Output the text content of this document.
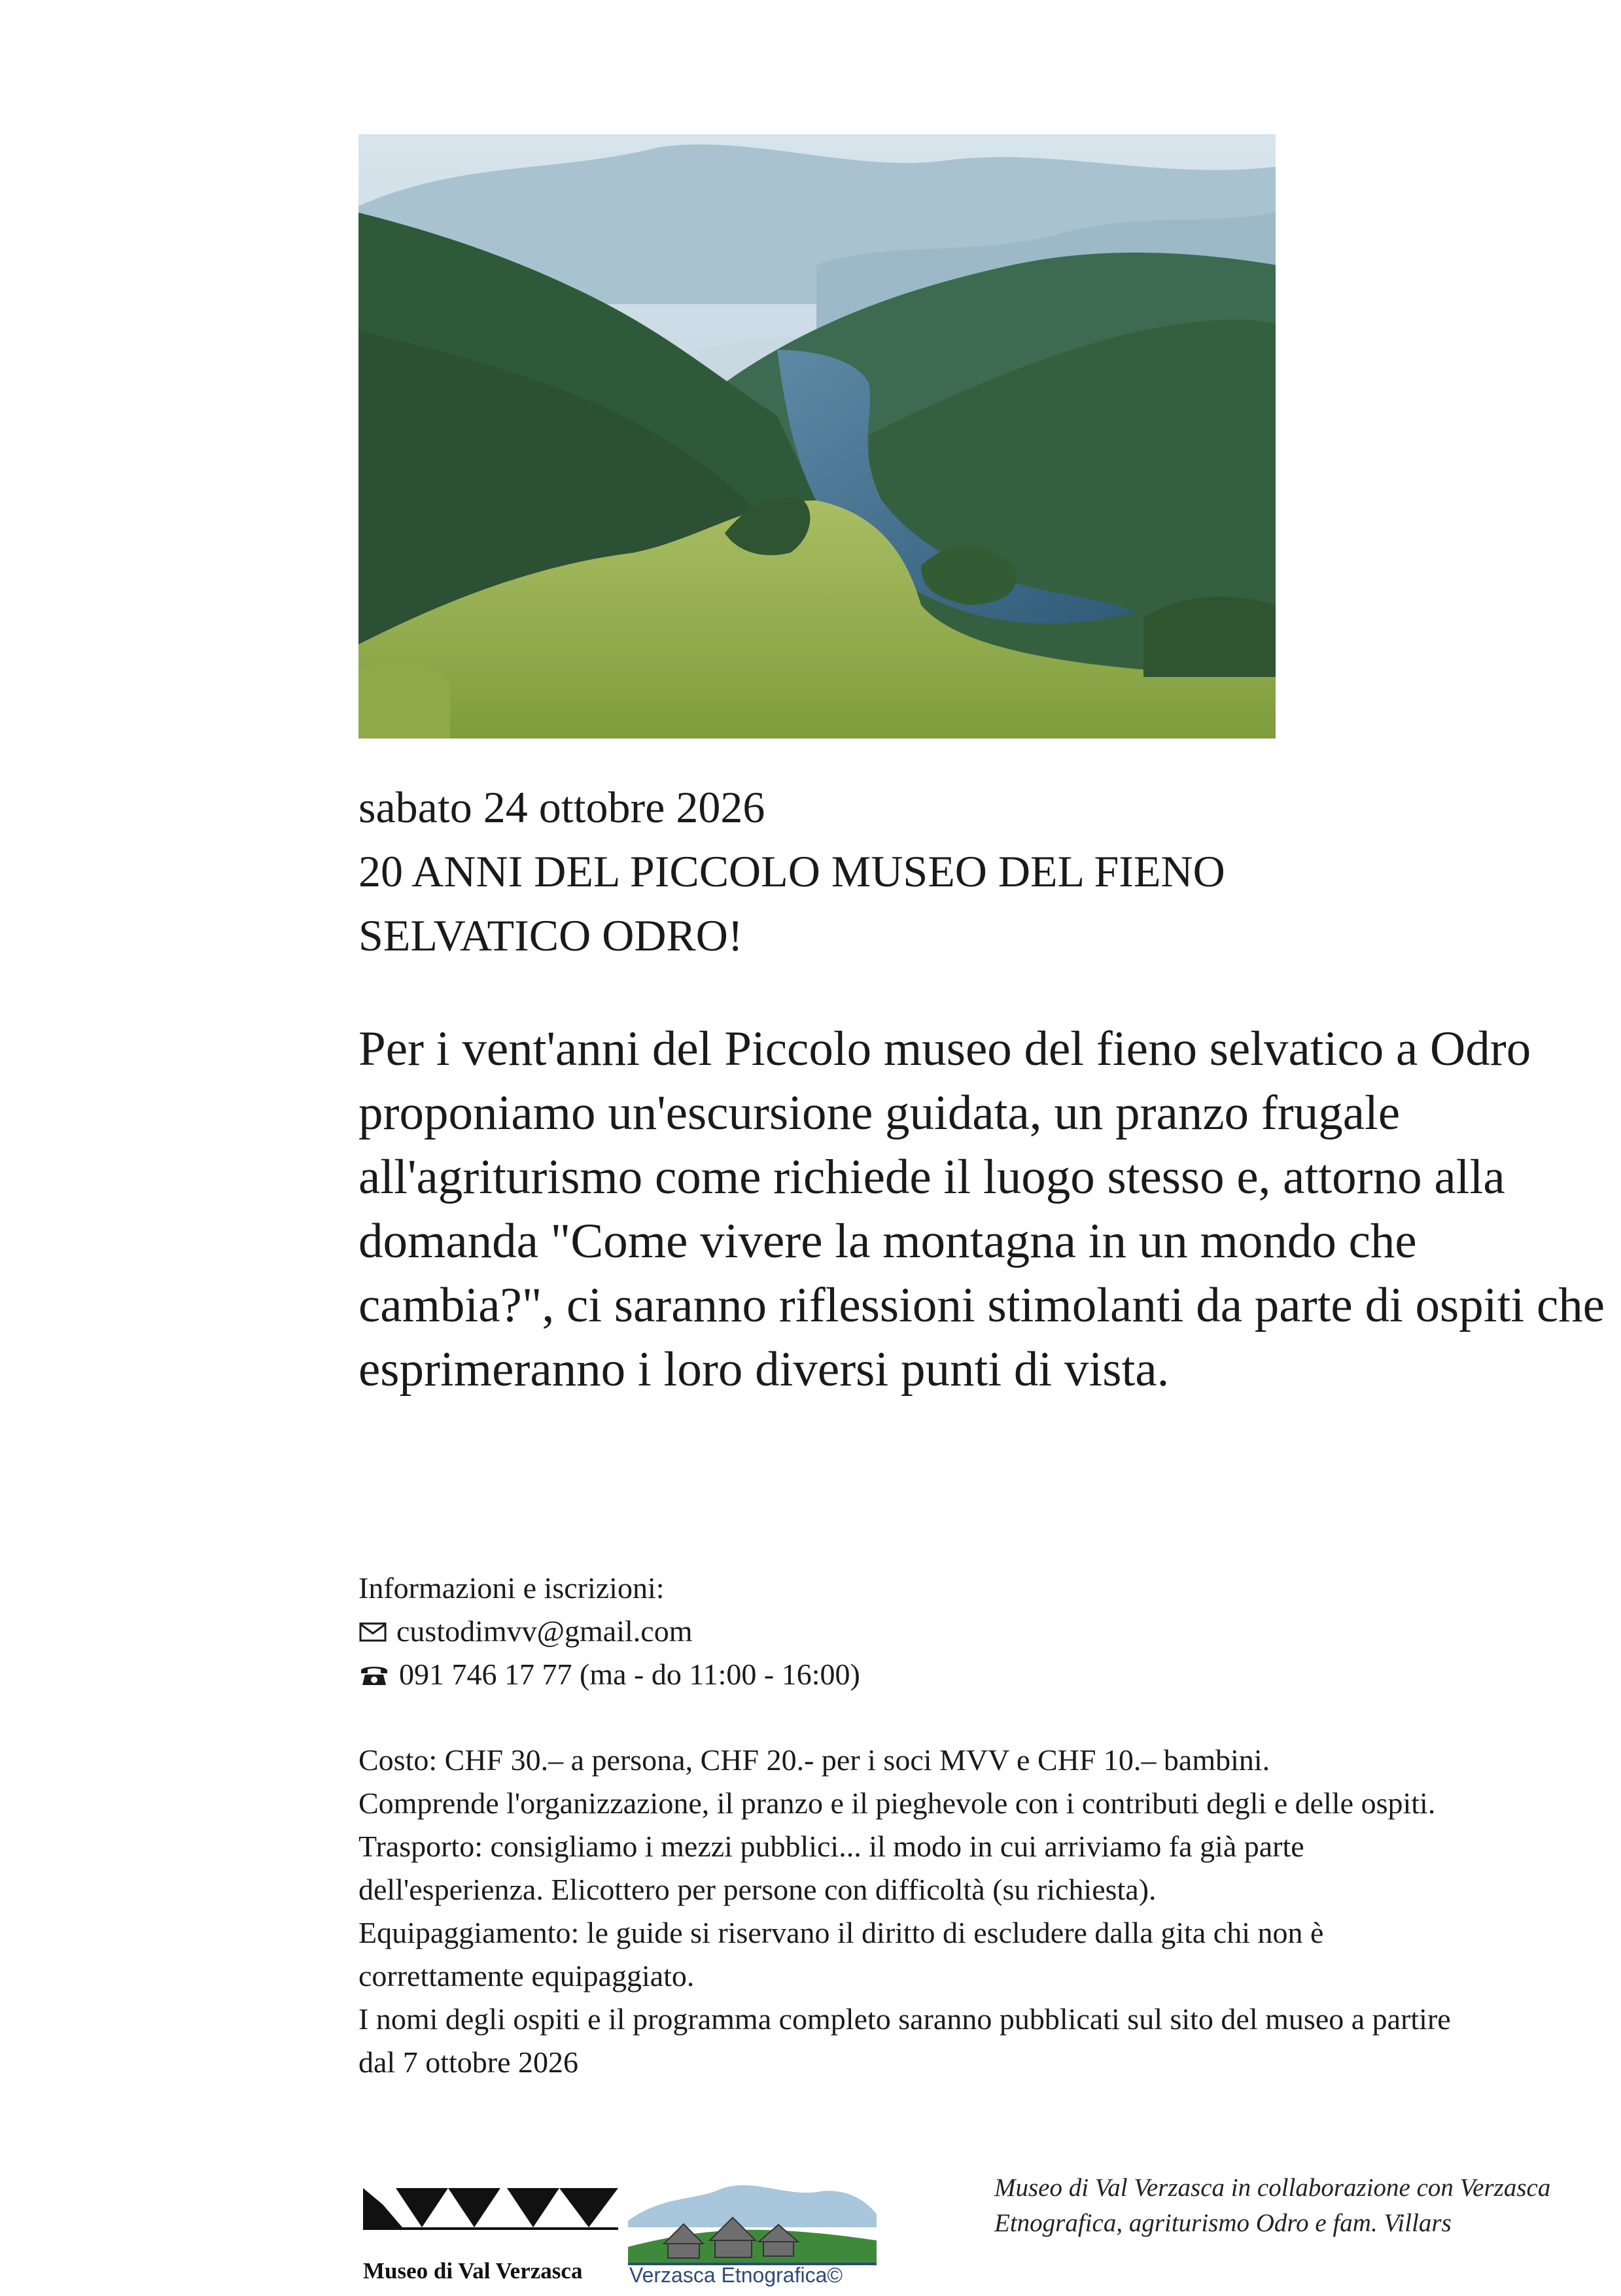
sabato 24 ottobre 2026
20 ANNI DEL PICCOLO MUSEO DEL FIENO
SELVATICO ODRO!
Per i vent'anni del Piccolo museo del fieno selvatico a Odro
proponiamo un'escursione guidata, un pranzo frugale
all'agriturismo come richiede il luogo stesso e, attorno alla
domanda "Come vivere la montagna in un mondo che
cambia?", ci saranno riflessioni stimolanti da parte di ospiti che
esprimeranno i loro diversi punti di vista.
Informazioni e iscrizioni:
custodimvv@gmail.com
091 746 17 77 (ma - do 11:00 - 16:00)
Costo: CHF 30.– a persona, CHF 20.- per i soci MVV e CHF 10.– bambini.
Comprende l'organizzazione, il pranzo e il pieghevole con i contributi degli e delle ospiti.
Trasporto: consigliamo i mezzi pubblici... il modo in cui arriviamo fa già parte
dell'esperienza. Elicottero per persone con difficoltà (su richiesta).
Equipaggiamento: le guide si riservano il diritto di escludere dalla gita chi non è
correttamente equipaggiato.
I nomi degli ospiti e il programma completo saranno pubblicati sul sito del museo a partire
dal 7 ottobre 2026
Museo di Val Verzasca Verzasca Etnografica©
Museo di Val Verzasca in collaborazione con Verzasca
Etnografica, agriturismo Odro e fam. Villars
